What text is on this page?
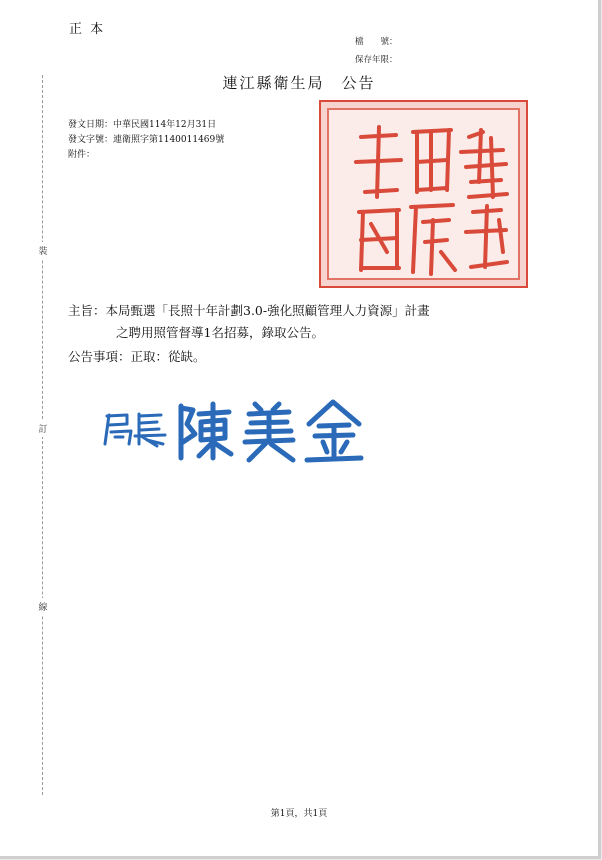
正 本
檔　　號：
保存年限：
裝
訂
線
連江縣衛生局　公告
發文日期：中華民國114年12月31日
發文字號：連衛照字第1140011469號
附件：
主旨：本局甄選「長照十年計劃3.0-強化照顧管理人力資源」計畫
之聘用照管督導1名招募，錄取公告。
公告事項：正取：從缺。
第1頁，共1頁
